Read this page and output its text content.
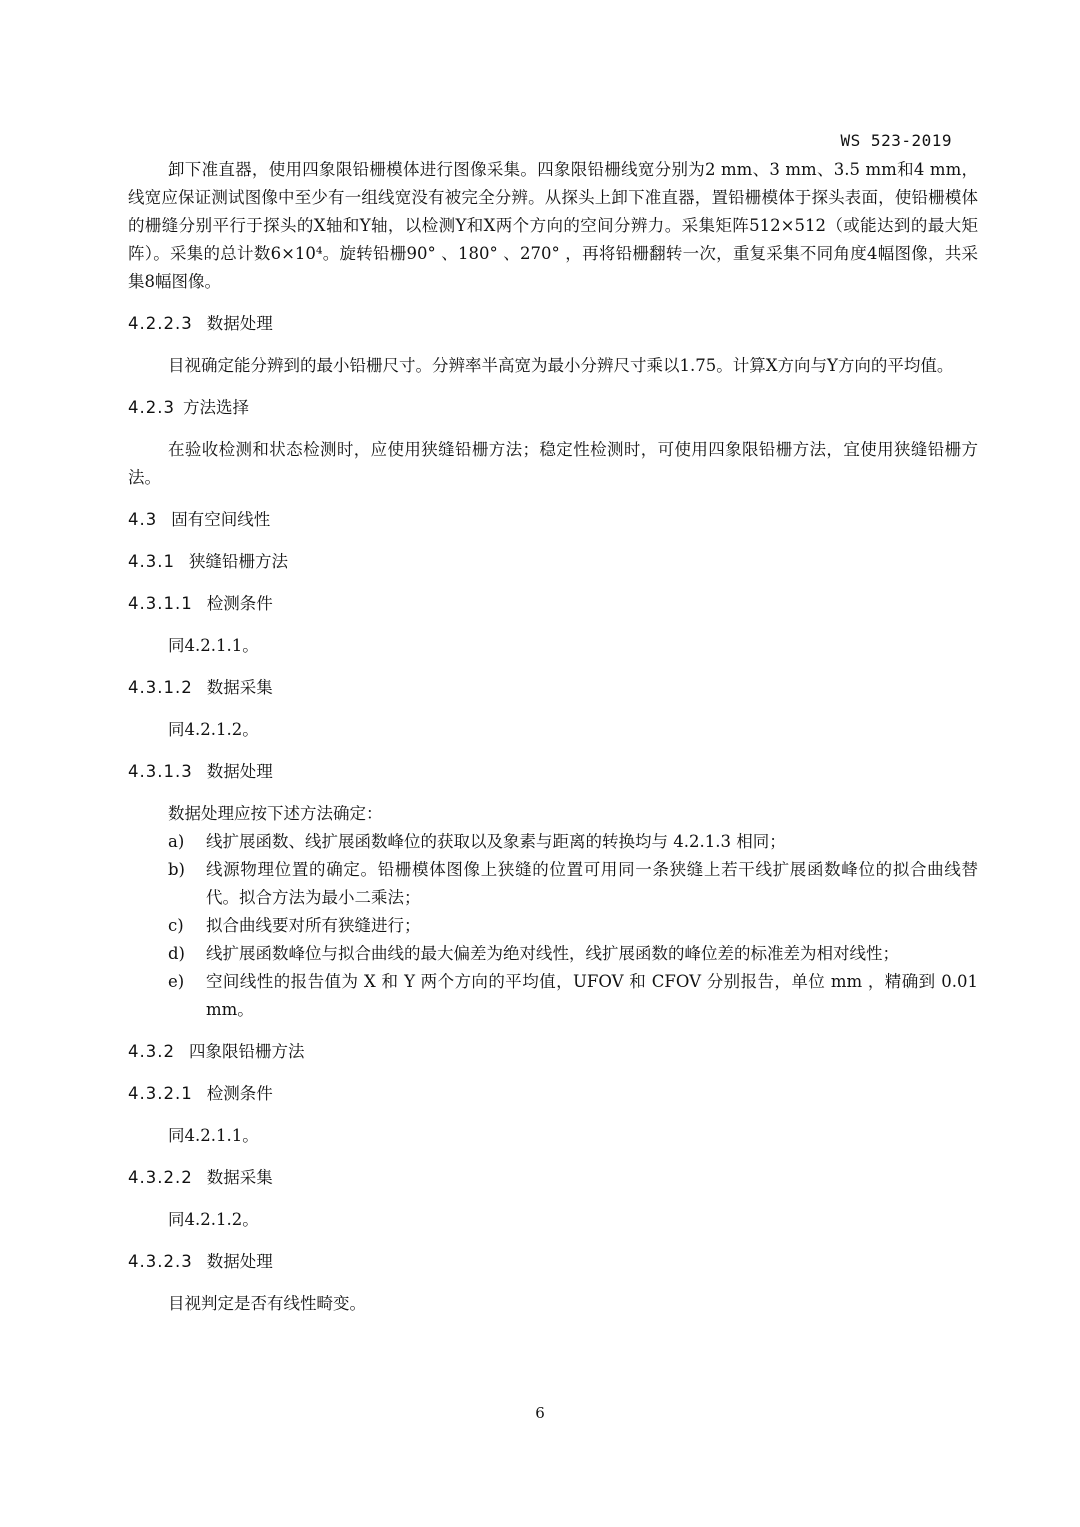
WS 523-2019

卸下准直器，使用四象限铅栅模体进行图像采集。四象限铅栅线宽分别为2 mm、3 mm、3.5 mm和4 mm，线宽应保证测试图像中至少有一组线宽没有被完全分辨。从探头上卸下准直器，置铅栅模体于探头表面，使铅栅模体的栅缝分别平行于探头的X轴和Y轴，以检测Y和X两个方向的空间分辨力。采集矩阵512×512（或能达到的最大矩阵）。采集的总计数6×10⁴。旋转铅栅90° 、180° 、270° ，再将铅栅翻转一次，重复采集不同角度4幅图像，共采集8幅图像。

4.2.2.3 数据处理

目视确定能分辨到的最小铅栅尺寸。分辨率半高宽为最小分辨尺寸乘以1.75。计算X方向与Y方向的平均值。

4.2.3 方法选择

在验收检测和状态检测时，应使用狭缝铅栅方法；稳定性检测时，可使用四象限铅栅方法，宜使用狭缝铅栅方法。

4.3 固有空间线性
4.3.1 狭缝铅栅方法
4.3.1.1 检测条件

同4.2.1.1。

4.3.1.2 数据采集

同4.2.1.2。

4.3.1.3 数据处理

数据处理应按下述方法确定：

a) 线扩展函数、线扩展函数峰位的获取以及象素与距离的转换均与 4.2.1.3 相同；
b) 线源物理位置的确定。铅栅模体图像上狭缝的位置可用同一条狭缝上若干线扩展函数峰位的拟合曲线替代。拟合方法为最小二乘法；
c) 拟合曲线要对所有狭缝进行；
d) 线扩展函数峰位与拟合曲线的最大偏差为绝对线性，线扩展函数的峰位差的标准差为相对线性；
e) 空间线性的报告值为 X 和 Y 两个方向的平均值，UFOV 和 CFOV 分别报告，单位 mm ，精确到 0.01 mm。
4.3.2 四象限铅栅方法
4.3.2.1 检测条件

同4.2.1.1。

4.3.2.2 数据采集

同4.2.1.2。

4.3.2.3 数据处理

目视判定是否有线性畸变。

6
